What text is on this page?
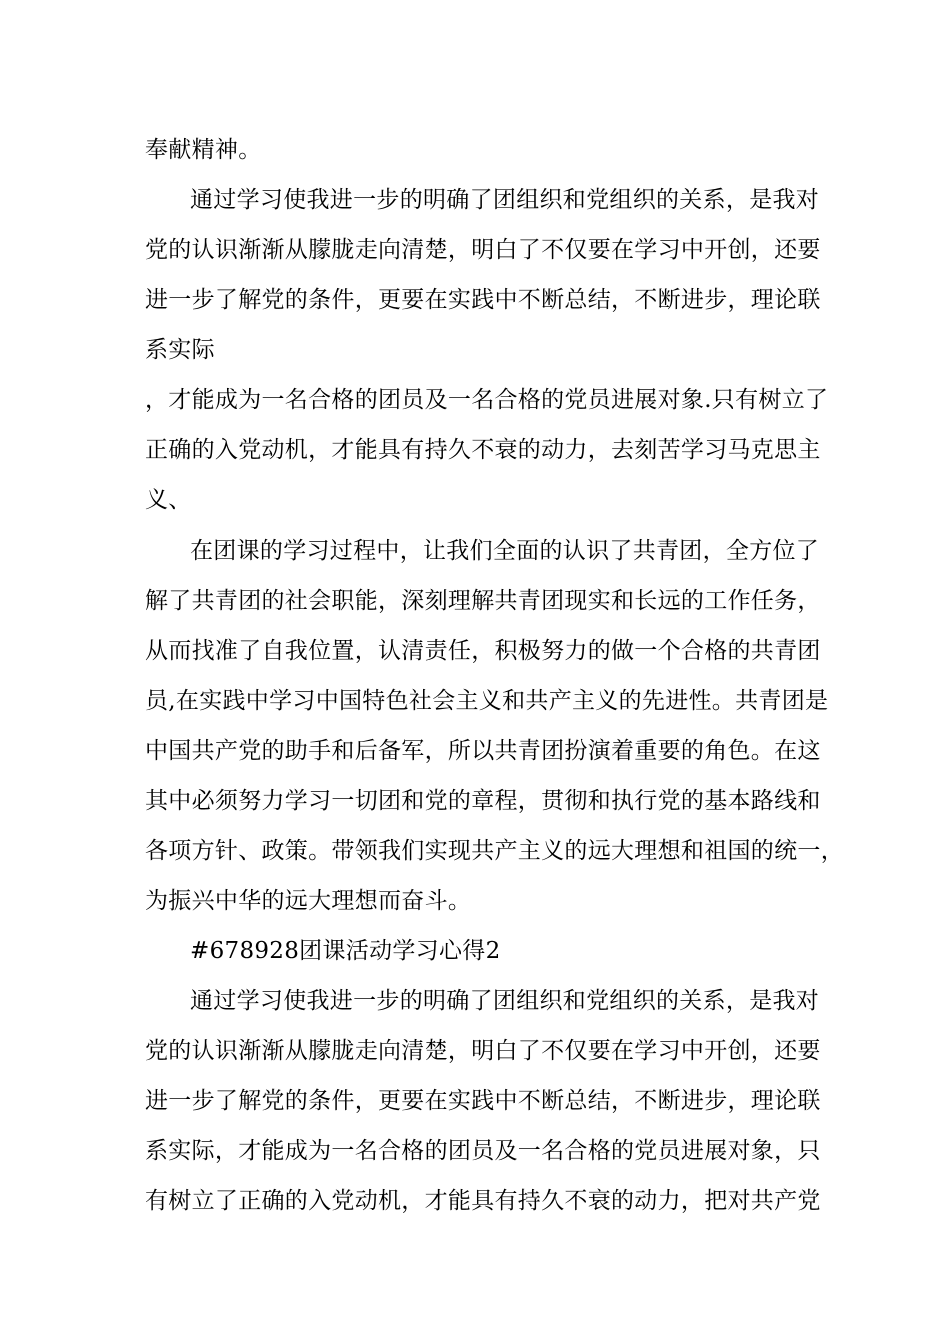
奉献精神。
通过学习使我进一步的明确了团组织和党组织的关系，是我对
党的认识渐渐从朦胧走向清楚，明白了不仅要在学习中开创，还要
进一步了解党的条件，更要在实践中不断总结，不断进步，理论联
系实际
，才能成为一名合格的团员及一名合格的党员进展对象.只有树立了
正确的入党动机，才能具有持久不衰的动力，去刻苦学习马克思主
义、
在团课的学习过程中，让我们全面的认识了共青团，全方位了
解了共青团的社会职能，深刻理解共青团现实和长远的工作任务，
从而找准了自我位置，认清责任，积极努力的做一个合格的共青团
员,在实践中学习中国特色社会主义和共产主义的先进性。共青团是
中国共产党的助手和后备军，所以共青团扮演着重要的角色。在这
其中必须努力学习一切团和党的章程，贯彻和执行党的基本路线和
各项方针、政策。带领我们实现共产主义的远大理想和祖国的统一，
为振兴中华的远大理想而奋斗。
#678928团课活动学习心得2
通过学习使我进一步的明确了团组织和党组织的关系，是我对
党的认识渐渐从朦胧走向清楚，明白了不仅要在学习中开创，还要
进一步了解党的条件，更要在实践中不断总结，不断进步，理论联
系实际，才能成为一名合格的团员及一名合格的党员进展对象，只
有树立了正确的入党动机，才能具有持久不衰的动力，把对共产党
